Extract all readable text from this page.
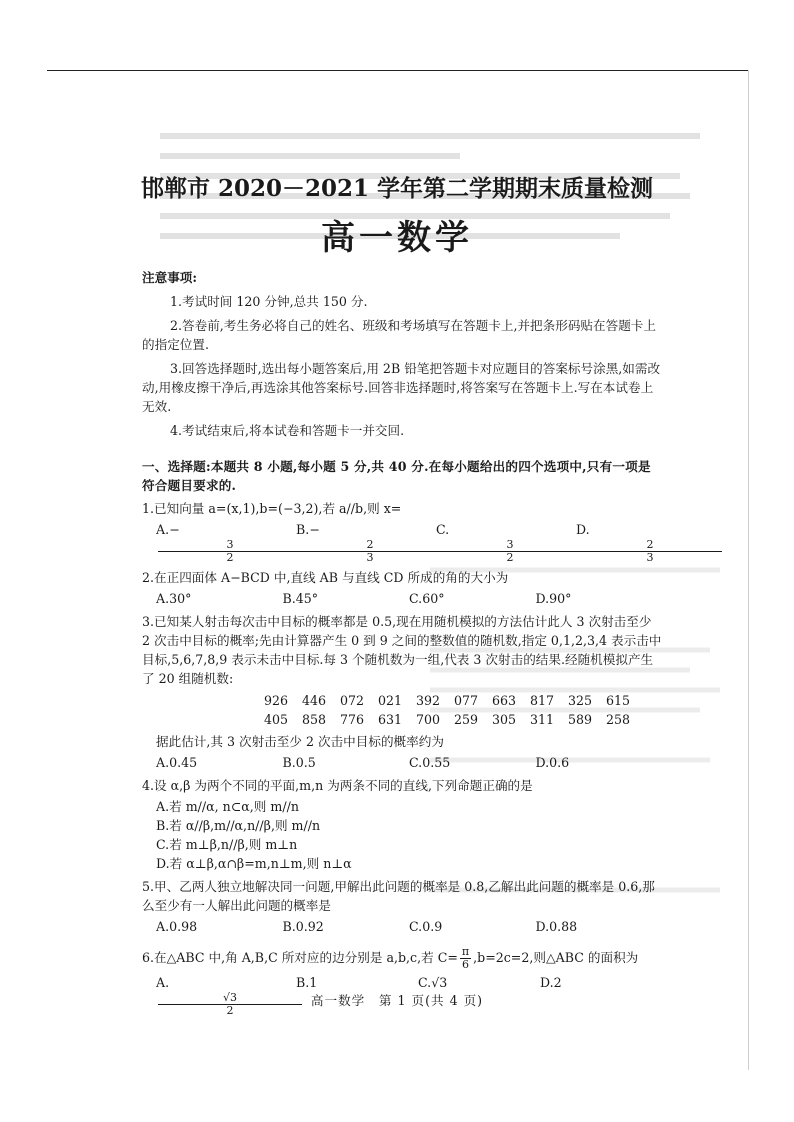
邯郸市 2020－2021 学年第二学期期末质量检测
高一数学
注意事项:

1.考试时间 120 分钟,总共 150 分.

2.答卷前,考生务必将自己的姓名、班级和考场填写在答题卡上,并把条形码贴在答题卡上的指定位置.

3.回答选择题时,选出每小题答案后,用 2B 铅笔把答题卡对应题目的答案标号涂黑,如需改动,用橡皮擦干净后,再选涂其他答案标号.回答非选择题时,将答案写在答题卡上.写在本试卷上无效.

4.考试结束后,将本试卷和答题卡一并交回.

一、选择题:本题共 8 小题,每小题 5 分,共 40 分.在每小题给出的四个选项中,只有一项是符合题目要求的.

1.已知向量 a=(x,1),b=(−3,2),若 a//b,则 x=

A.−
$\frac{3}{2}$
B.−
$\frac{2}{3}$
C.
$\frac{3}{2}$
D.
$\frac{2}{3}$

2.在正四面体 A−BCD 中,直线 AB 与直线 CD 所成的角的大小为

A.30°	B.45°	C.60°	D.90°

3.已知某人射击每次击中目标的概率都是 0.5,现在用随机模拟的方法估计此人 3 次射击至少 2 次击中目标的概率;先由计算器产生 0 到 9 之间的整数值的随机数,指定 0,1,2,3,4 表示击中目标,5,6,7,8,9 表示未击中目标.每 3 个随机数为一组,代表 3 次射击的结果.经随机模拟产生了 20 组随机数:

926	446	072	021	392	077	663	817	325	615
405	858	776	631	700	259	305	311	589	258

据此估计,其 3 次射击至少 2 次击中目标的概率约为

A.0.45	B.0.5	C.0.55	D.0.6

4.设 α,β 为两个不同的平面,m,n 为两条不同的直线,下列命题正确的是

A.若 m//α, n⊂α,则 m//n
B.若 α//β,m//α,n//β,则 m//n
C.若 m⊥β,n//β,则 m⊥n
D.若 α⊥β,α∩β=m,n⊥m,则 n⊥α

5.甲、乙两人独立地解决同一问题,甲解出此问题的概率是 0.8,乙解出此问题的概率是 0.6,那么至少有一人解出此问题的概率是

A.0.98	B.0.92	C.0.9	D.0.88

6.在△ABC 中,角 A,B,C 所对应的边分别是 a,b,c,若 $C= \frac{\pi}{6} ,b=2c=2$,则△ABC 的面积为

A.
$\frac{√3}{2}$
B.1	C.√3	D.2
高一数学　第 1 页(共 4 页)
